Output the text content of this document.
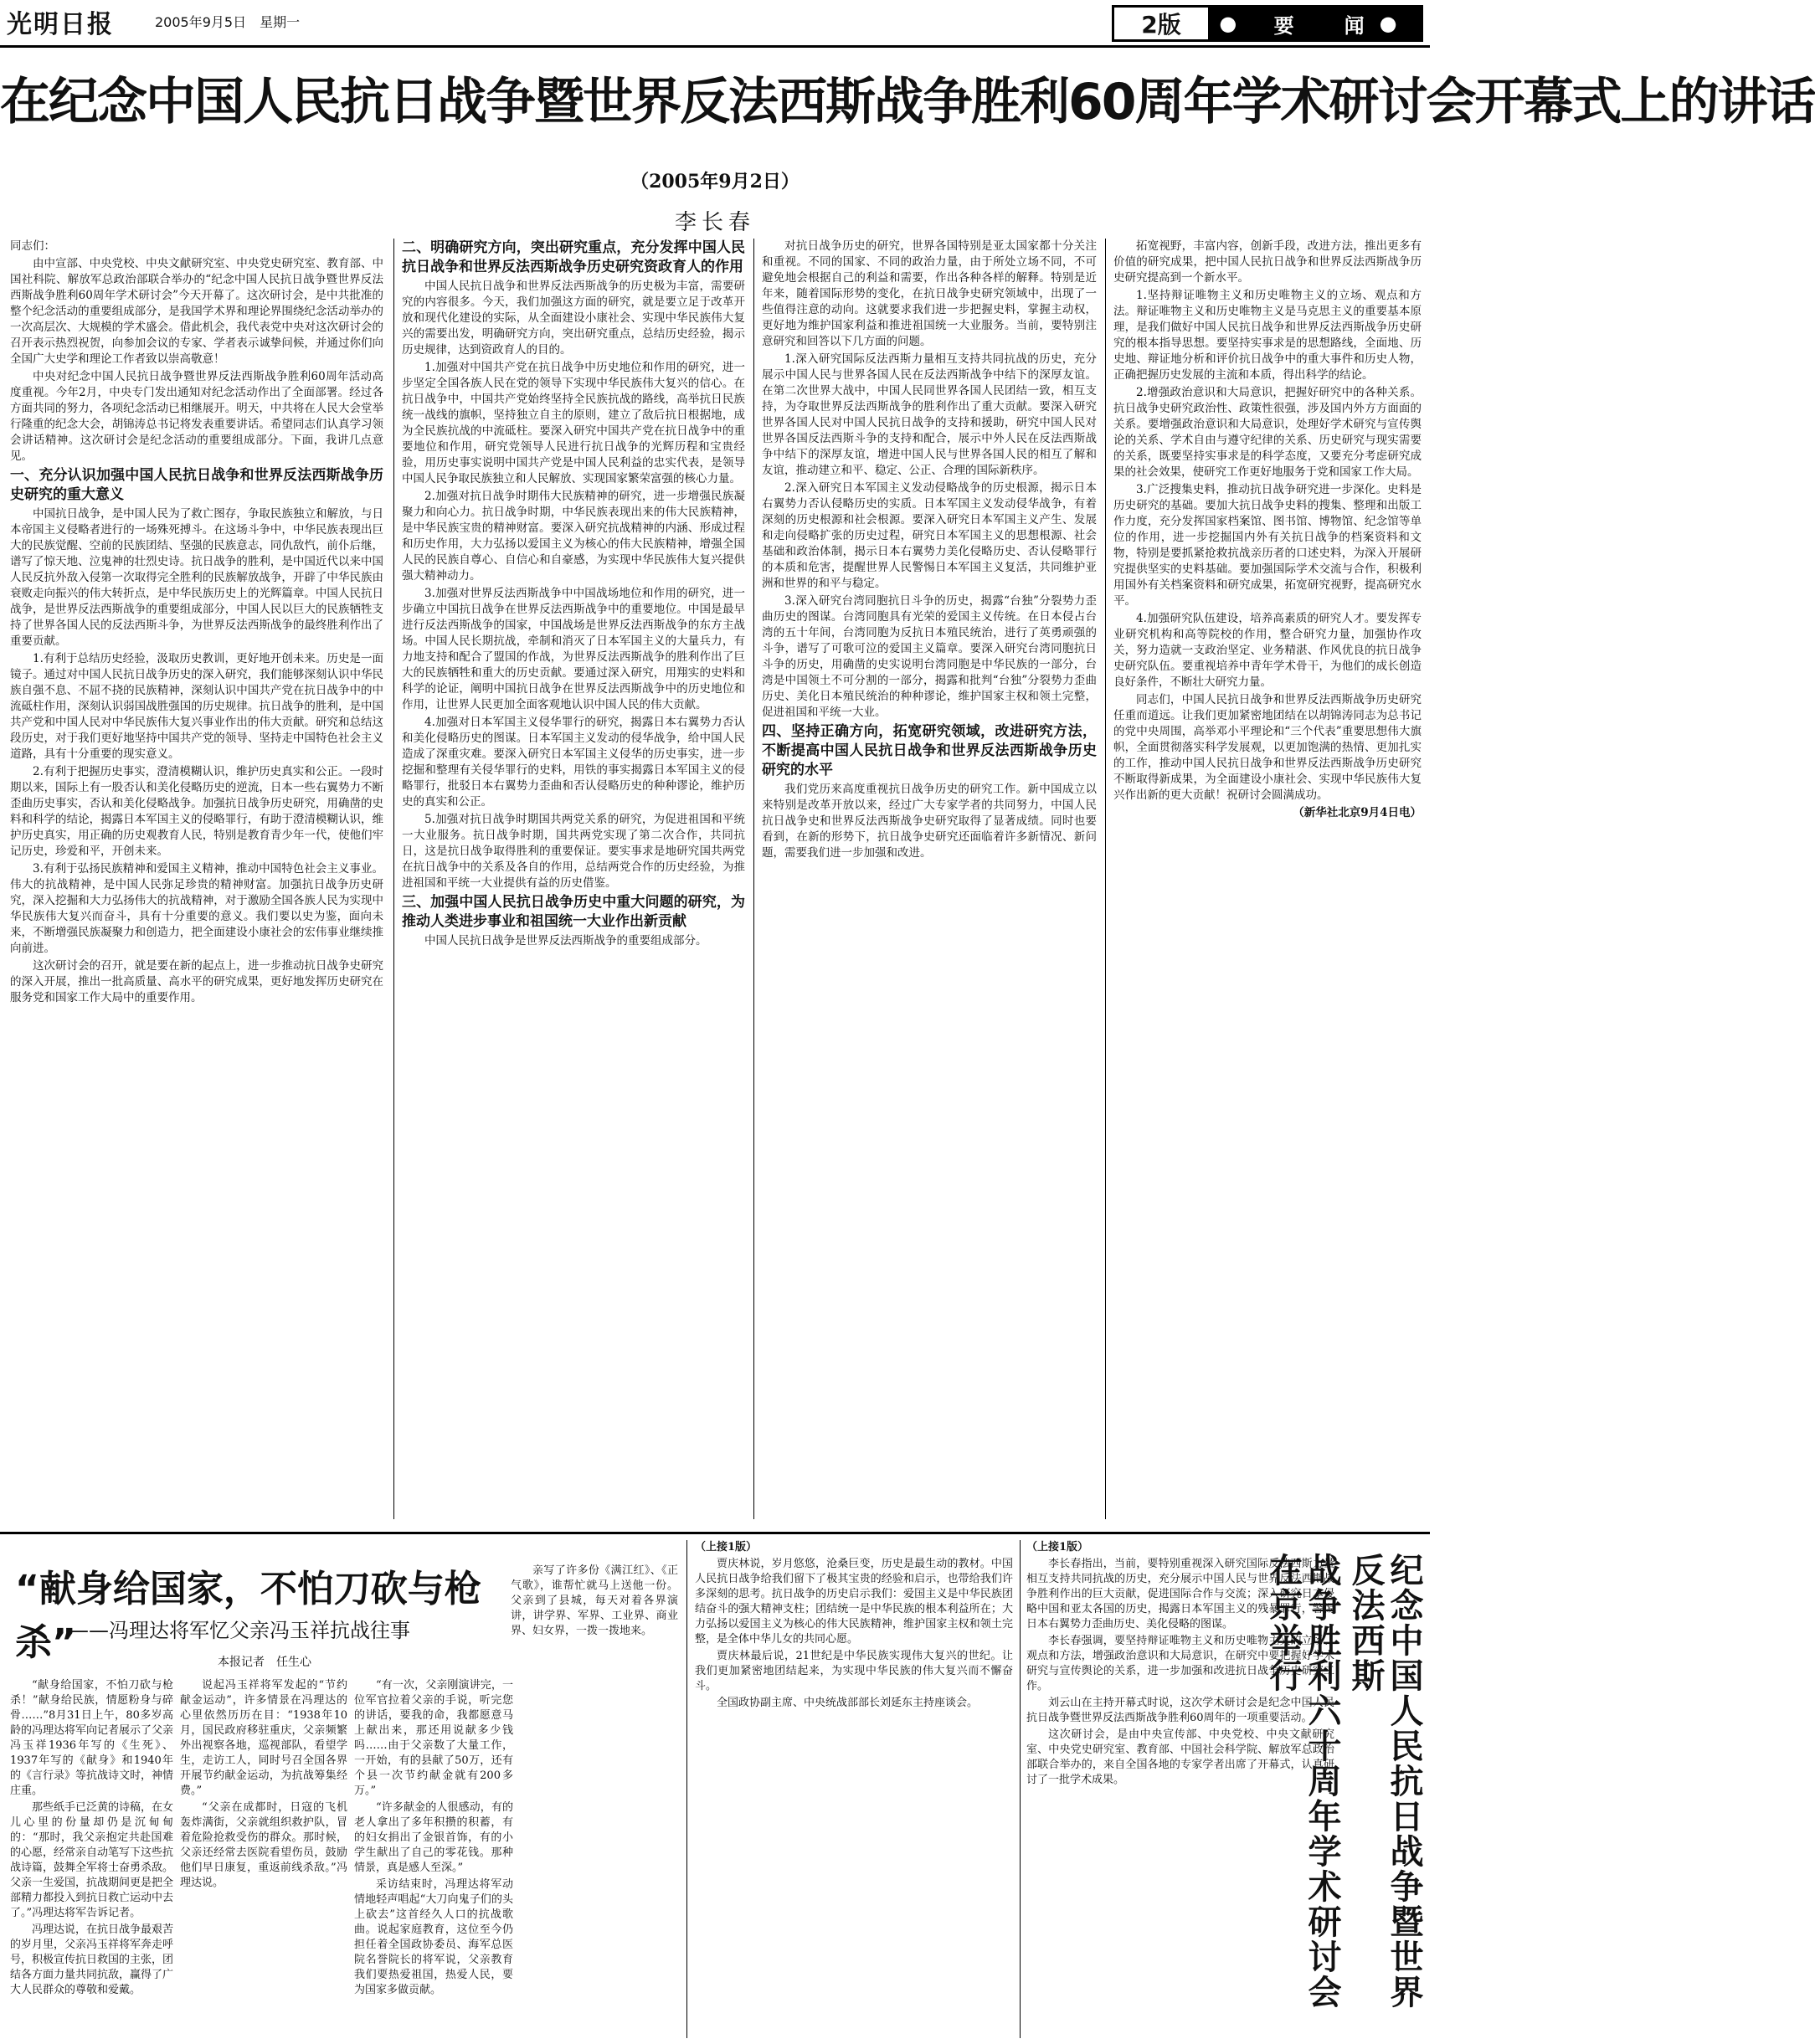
光明日报	2005年9月5日　星期一	2版	● 要　闻 ●
在纪念中国人民抗日战争暨世界反法西斯战争胜利60周年学术研讨会开幕式上的讲话
（2005年9月2日）
李长春

同志们：

由中宣部、中央党校、中央文献研究室、中央党史研究室、教育部、中国社科院、解放军总政治部联合举办的“纪念中国人民抗日战争暨世界反法西斯战争胜利60周年学术研讨会”今天开幕了。这次研讨会，是中共批准的整个纪念活动的重要组成部分，是我国学术界和理论界围绕纪念活动举办的一次高层次、大规模的学术盛会。借此机会，我代表党中央对这次研讨会的召开表示热烈祝贺，向参加会议的专家、学者表示诚挚问候，并通过你们向全国广大史学和理论工作者致以崇高敬意！

中央对纪念中国人民抗日战争暨世界反法西斯战争胜利60周年活动高度重视。今年2月，中央专门发出通知对纪念活动作出了全面部署。经过各方面共同的努力，各项纪念活动已相继展开。明天，中共将在人民大会堂举行隆重的纪念大会，胡锦涛总书记将发表重要讲话。希望同志们认真学习领会讲话精神。这次研讨会是纪念活动的重要组成部分。下面，我讲几点意见。

一、充分认识加强中国人民抗日战争和世界反法西斯战争历史研究的重大意义

中国抗日战争，是中国人民为了救亡图存，争取民族独立和解放，与日本帝国主义侵略者进行的一场殊死搏斗。在这场斗争中，中华民族表现出巨大的民族觉醒、空前的民族团结、坚强的民族意志，同仇敌忾，前仆后继，谱写了惊天地、泣鬼神的壮烈史诗。抗日战争的胜利，是中国近代以来中国人民反抗外敌入侵第一次取得完全胜利的民族解放战争，开辟了中华民族由衰败走向振兴的伟大转折点，是中华民族历史上的光辉篇章。中国人民抗日战争，是世界反法西斯战争的重要组成部分，中国人民以巨大的民族牺牲支持了世界各国人民的反法西斯斗争，为世界反法西斯战争的最终胜利作出了重要贡献。

1.有利于总结历史经验，汲取历史教训，更好地开创未来。历史是一面镜子。通过对中国人民抗日战争历史的深入研究，我们能够深刻认识中华民族自强不息、不屈不挠的民族精神，深刻认识中国共产党在抗日战争中的中流砥柱作用，深刻认识弱国战胜强国的历史规律。抗日战争的胜利，是中国共产党和中国人民对中华民族伟大复兴事业作出的伟大贡献。研究和总结这段历史，对于我们更好地坚持中国共产党的领导、坚持走中国特色社会主义道路，具有十分重要的现实意义。

2.有利于把握历史事实，澄清模糊认识，维护历史真实和公正。一段时期以来，国际上有一股否认和美化侵略历史的逆流，日本一些右翼势力不断歪曲历史事实，否认和美化侵略战争。加强抗日战争历史研究，用确凿的史料和科学的结论，揭露日本军国主义的侵略罪行，有助于澄清模糊认识，维护历史真实，用正确的历史观教育人民，特别是教育青少年一代，使他们牢记历史，珍爱和平，开创未来。

3.有利于弘扬民族精神和爱国主义精神，推动中国特色社会主义事业。伟大的抗战精神，是中国人民弥足珍贵的精神财富。加强抗日战争历史研究，深入挖掘和大力弘扬伟大的抗战精神，对于激励全国各族人民为实现中华民族伟大复兴而奋斗，具有十分重要的意义。我们要以史为鉴，面向未来，不断增强民族凝聚力和创造力，把全面建设小康社会的宏伟事业继续推向前进。

这次研讨会的召开，就是要在新的起点上，进一步推动抗日战争史研究的深入开展，推出一批高质量、高水平的研究成果，更好地发挥历史研究在服务党和国家工作大局中的重要作用。

二、明确研究方向，突出研究重点，充分发挥中国人民抗日战争和世界反法西斯战争历史研究资政育人的作用

中国人民抗日战争和世界反法西斯战争的历史极为丰富，需要研究的内容很多。今天，我们加强这方面的研究，就是要立足于改革开放和现代化建设的实际，从全面建设小康社会、实现中华民族伟大复兴的需要出发，明确研究方向，突出研究重点，总结历史经验，揭示历史规律，达到资政育人的目的。

1.加强对中国共产党在抗日战争中历史地位和作用的研究，进一步坚定全国各族人民在党的领导下实现中华民族伟大复兴的信心。在抗日战争中，中国共产党始终坚持全民族抗战的路线，高举抗日民族统一战线的旗帜，坚持独立自主的原则，建立了敌后抗日根据地，成为全民族抗战的中流砥柱。要深入研究中国共产党在抗日战争中的重要地位和作用，研究党领导人民进行抗日战争的光辉历程和宝贵经验，用历史事实说明中国共产党是中国人民利益的忠实代表，是领导中国人民争取民族独立和人民解放、实现国家繁荣富强的核心力量。

2.加强对抗日战争时期伟大民族精神的研究，进一步增强民族凝聚力和向心力。抗日战争时期，中华民族表现出来的伟大民族精神，是中华民族宝贵的精神财富。要深入研究抗战精神的内涵、形成过程和历史作用，大力弘扬以爱国主义为核心的伟大民族精神，增强全国人民的民族自尊心、自信心和自豪感，为实现中华民族伟大复兴提供强大精神动力。

3.加强对世界反法西斯战争中中国战场地位和作用的研究，进一步确立中国抗日战争在世界反法西斯战争中的重要地位。中国是最早进行反法西斯战争的国家，中国战场是世界反法西斯战争的东方主战场。中国人民长期抗战，牵制和消灭了日本军国主义的大量兵力，有力地支持和配合了盟国的作战，为世界反法西斯战争的胜利作出了巨大的民族牺牲和重大的历史贡献。要通过深入研究，用翔实的史料和科学的论证，阐明中国抗日战争在世界反法西斯战争中的历史地位和作用，让世界人民更加全面客观地认识中国人民的伟大贡献。

4.加强对日本军国主义侵华罪行的研究，揭露日本右翼势力否认和美化侵略历史的图谋。日本军国主义发动的侵华战争，给中国人民造成了深重灾难。要深入研究日本军国主义侵华的历史事实，进一步挖掘和整理有关侵华罪行的史料，用铁的事实揭露日本军国主义的侵略罪行，批驳日本右翼势力歪曲和否认侵略历史的种种谬论，维护历史的真实和公正。

5.加强对抗日战争时期国共两党关系的研究，为促进祖国和平统一大业服务。抗日战争时期，国共两党实现了第二次合作，共同抗日，这是抗日战争取得胜利的重要保证。要实事求是地研究国共两党在抗日战争中的关系及各自的作用，总结两党合作的历史经验，为推进祖国和平统一大业提供有益的历史借鉴。

三、加强中国人民抗日战争历史中重大问题的研究，为推动人类进步事业和祖国统一大业作出新贡献

中国人民抗日战争是世界反法西斯战争的重要组成部分。

对抗日战争历史的研究，世界各国特别是亚太国家都十分关注和重视。不同的国家、不同的政治力量，由于所处立场不同，不可避免地会根据自己的利益和需要，作出各种各样的解释。特别是近年来，随着国际形势的变化，在抗日战争史研究领域中，出现了一些值得注意的动向。这就要求我们进一步把握史料，掌握主动权，更好地为维护国家利益和推进祖国统一大业服务。当前，要特别注意研究和回答以下几方面的问题。

1.深入研究国际反法西斯力量相互支持共同抗战的历史，充分展示中国人民与世界各国人民在反法西斯战争中结下的深厚友谊。在第二次世界大战中，中国人民同世界各国人民团结一致，相互支持，为夺取世界反法西斯战争的胜利作出了重大贡献。要深入研究世界各国人民对中国人民抗日战争的支持和援助，研究中国人民对世界各国反法西斯斗争的支持和配合，展示中外人民在反法西斯战争中结下的深厚友谊，增进中国人民与世界各国人民的相互了解和友谊，推动建立和平、稳定、公正、合理的国际新秩序。

2.深入研究日本军国主义发动侵略战争的历史根源，揭示日本右翼势力否认侵略历史的实质。日本军国主义发动侵华战争，有着深刻的历史根源和社会根源。要深入研究日本军国主义产生、发展和走向侵略扩张的历史过程，研究日本军国主义的思想根源、社会基础和政治体制，揭示日本右翼势力美化侵略历史、否认侵略罪行的本质和危害，提醒世界人民警惕日本军国主义复活，共同维护亚洲和世界的和平与稳定。

3.深入研究台湾同胞抗日斗争的历史，揭露“台独”分裂势力歪曲历史的图谋。台湾同胞具有光荣的爱国主义传统。在日本侵占台湾的五十年间，台湾同胞为反抗日本殖民统治，进行了英勇顽强的斗争，谱写了可歌可泣的爱国主义篇章。要深入研究台湾同胞抗日斗争的历史，用确凿的史实说明台湾同胞是中华民族的一部分，台湾是中国领土不可分割的一部分，揭露和批判“台独”分裂势力歪曲历史、美化日本殖民统治的种种谬论，维护国家主权和领土完整，促进祖国和平统一大业。

四、坚持正确方向，拓宽研究领域，改进研究方法，不断提高中国人民抗日战争和世界反法西斯战争历史研究的水平

我们党历来高度重视抗日战争历史的研究工作。新中国成立以来特别是改革开放以来，经过广大专家学者的共同努力，中国人民抗日战争史和世界反法西斯战争史研究取得了显著成绩。同时也要看到，在新的形势下，抗日战争史研究还面临着许多新情况、新问题，需要我们进一步加强和改进。

拓宽视野，丰富内容，创新手段，改进方法，推出更多有价值的研究成果，把中国人民抗日战争和世界反法西斯战争历史研究提高到一个新水平。

1.坚持辩证唯物主义和历史唯物主义的立场、观点和方法。辩证唯物主义和历史唯物主义是马克思主义的重要基本原理，是我们做好中国人民抗日战争和世界反法西斯战争历史研究的根本指导思想。要坚持实事求是的思想路线，全面地、历史地、辩证地分析和评价抗日战争中的重大事件和历史人物，正确把握历史发展的主流和本质，得出科学的结论。

2.增强政治意识和大局意识，把握好研究中的各种关系。抗日战争史研究政治性、政策性很强，涉及国内外方方面面的关系。要增强政治意识和大局意识，处理好学术研究与宣传舆论的关系、学术自由与遵守纪律的关系、历史研究与现实需要的关系，既要坚持实事求是的科学态度，又要充分考虑研究成果的社会效果，使研究工作更好地服务于党和国家工作大局。

3.广泛搜集史料，推动抗日战争研究进一步深化。史料是历史研究的基础。要加大抗日战争史料的搜集、整理和出版工作力度，充分发挥国家档案馆、图书馆、博物馆、纪念馆等单位的作用，进一步挖掘国内外有关抗日战争的档案资料和文物，特别是要抓紧抢救抗战亲历者的口述史料，为深入开展研究提供坚实的史料基础。要加强国际学术交流与合作，积极利用国外有关档案资料和研究成果，拓宽研究视野，提高研究水平。

4.加强研究队伍建设，培养高素质的研究人才。要发挥专业研究机构和高等院校的作用，整合研究力量，加强协作攻关，努力造就一支政治坚定、业务精湛、作风优良的抗日战争史研究队伍。要重视培养中青年学术骨干，为他们的成长创造良好条件，不断壮大研究力量。

同志们，中国人民抗日战争和世界反法西斯战争历史研究任重而道远。让我们更加紧密地团结在以胡锦涛同志为总书记的党中央周围，高举邓小平理论和“三个代表”重要思想伟大旗帜，全面贯彻落实科学发展观，以更加饱满的热情、更加扎实的工作，推动中国人民抗日战争和世界反法西斯战争历史研究不断取得新成果，为全面建设小康社会、实现中华民族伟大复兴作出新的更大贡献！祝研讨会圆满成功。

（新华社北京9月4日电）

“献身给国家，不怕刀砍与枪杀”
——冯理达将军忆父亲冯玉祥抗战往事
本报记者　任生心

“献身给国家，不怕刀砍与枪杀！”献身给民族，情愿粉身与碎骨……”8月31日上午，80多岁高龄的冯理达将军向记者展示了父亲冯玉祥1936年写的《生死》、1937年写的《献身》和1940年的《言行录》等抗战诗文时，神情庄重。

那些纸手已泛黄的诗稿，在女儿心里的份量却仍是沉甸甸的：“那时，我父亲抱定共赴国难的心愿，经常亲自动笔写下这些抗战诗篇，鼓舞全军将士奋勇杀敌。父亲一生爱国，抗战期间更是把全部精力都投入到抗日救亡运动中去了。”冯理达将军告诉记者。

冯理达说，在抗日战争最艰苦的岁月里，父亲冯玉祥将军奔走呼号，积极宣传抗日救国的主张，团结各方面力量共同抗敌，赢得了广大人民群众的尊敬和爱戴。

亲写了许多份《满江红》、《正气歌》，谁帮忙就马上送他一份。父亲到了县城，每天对着各界演讲，讲学界、军界、工业界、商业界、妇女界，一拨一拨地来。

说起冯玉祥将军发起的“节约献金运动”，许多情景在冯理达的心里依然历历在目：“1938年10月，国民政府移驻重庆，父亲频繁外出视察各地，巡视部队，看望学生，走访工人，同时号召全国各界开展节约献金运动，为抗战筹集经费。”

“父亲在成都时，日寇的飞机轰炸满街，父亲就组织救护队，冒着危险抢救受伤的群众。那时候，父亲还经常去医院看望伤员，鼓励他们早日康复，重返前线杀敌。”冯理达说。

“有一次，父亲刚演讲完，一位军官拉着父亲的手说，听完您的讲话，要我的命，我都愿意马上献出来，那还用说献多少钱吗……由于父亲数了大量工作，一开始，有的县献了50万，还有个县一次节约献金就有200多万。”

“许多献金的人很感动，有的老人拿出了多年积攒的积蓄，有的妇女捐出了金银首饰，有的小学生献出了自己的零花钱。那种情景，真是感人至深。”

采访结束时，冯理达将军动情地轻声唱起“大刀向鬼子们的头上砍去”这首经久人口的抗战歌曲。说起家庭教育，这位至今仍担任着全国政协委员、海军总医院名誉院长的将军说，父亲教育我们要热爱祖国，热爱人民，要为国家多做贡献。

（上接1版）

贾庆林说，岁月悠悠，沧桑巨变，历史是最生动的教材。中国人民抗日战争给我们留下了极其宝贵的经验和启示，也带给我们许多深刻的思考。抗日战争的历史启示我们：爱国主义是中华民族团结奋斗的强大精神支柱；团结统一是中华民族的根本利益所在；大力弘扬以爱国主义为核心的伟大民族精神，维护国家主权和领土完整，是全体中华儿女的共同心愿。

贾庆林最后说，21世纪是中华民族实现伟大复兴的世纪。让我们更加紧密地团结起来，为实现中华民族的伟大复兴而不懈奋斗。

全国政协副主席、中央统战部部长刘延东主持座谈会。

（上接1版）

李长春指出，当前，要特别重视深入研究国际反法西斯力量相互支持共同抗战的历史，充分展示中国人民与世界反法西斯战争胜利作出的巨大贡献，促进国际合作与交流；深入研究日本侵略中国和亚太各国的历史，揭露日本军国主义的残暴罪行，警惕日本右翼势力歪曲历史、美化侵略的图谋。

李长春强调，要坚持辩证唯物主义和历史唯物主义的立场、观点和方法，增强政治意识和大局意识，在研究中要把握好学术研究与宣传舆论的关系，进一步加强和改进抗日战争历史研究工作。

刘云山在主持开幕式时说，这次学术研讨会是纪念中国人民抗日战争暨世界反法西斯战争胜利60周年的一项重要活动。

这次研讨会，是由中央宣传部、中央党校、中央文献研究室、中央党史研究室、教育部、中国社会科学院、解放军总政治部联合举办的，来自全国各地的专家学者出席了开幕式，认真研讨了一批学术成果。	纪念中国人民抗日战争暨世界反法西斯
战争胜利六十周年学术研讨会在京举行
